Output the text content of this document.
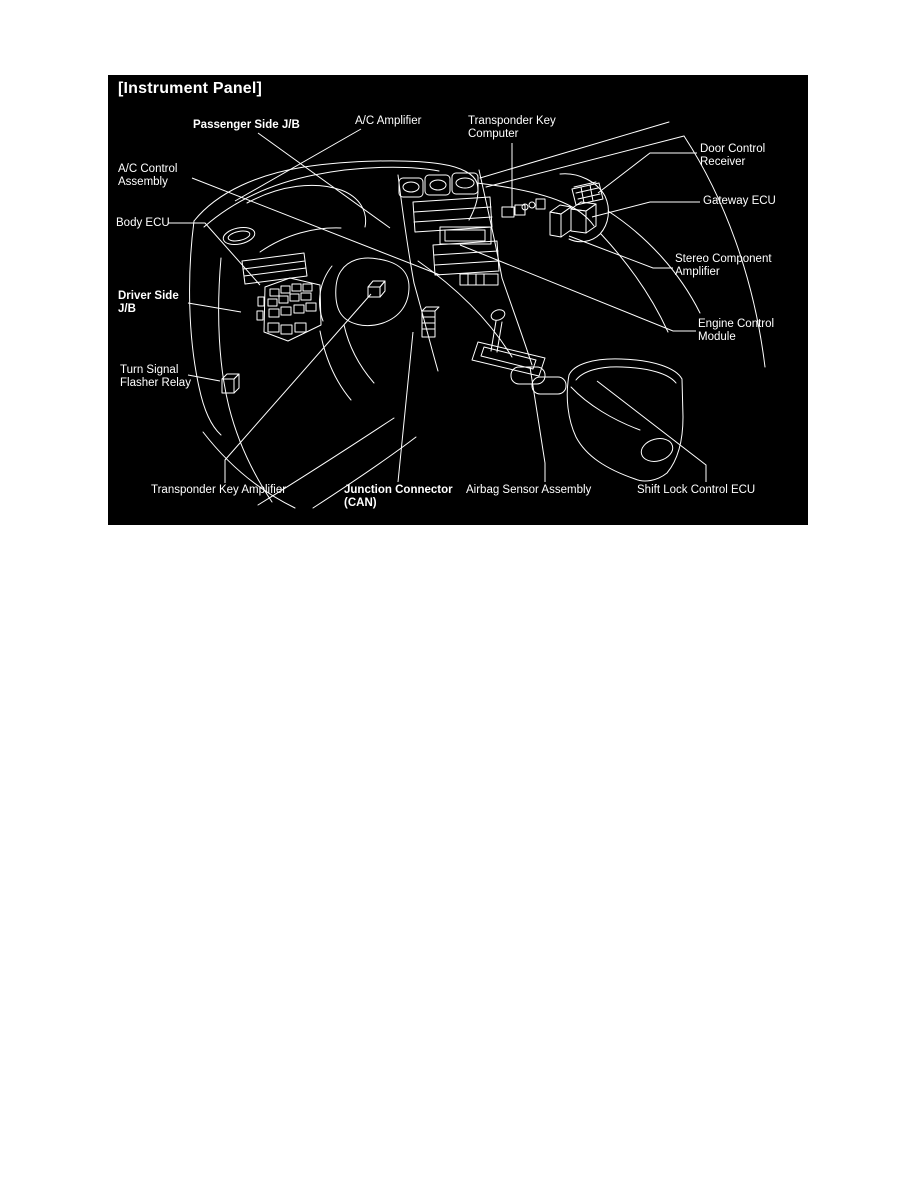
[Instrument Panel]
Passenger Side J/B	A/C Amplifier	Transponder Key
Computer
Door Control
Receiver
Gateway ECU
A/C Control
Assembly
Body ECU
Driver Side
J/B
Stereo Component
Amplifier
Engine Control
Module
Turn Signal
Flasher Relay
Transponder Key Amplifier	Junction Connector
(CAN)
Airbag Sensor Assembly	Shift Lock Control ECU
